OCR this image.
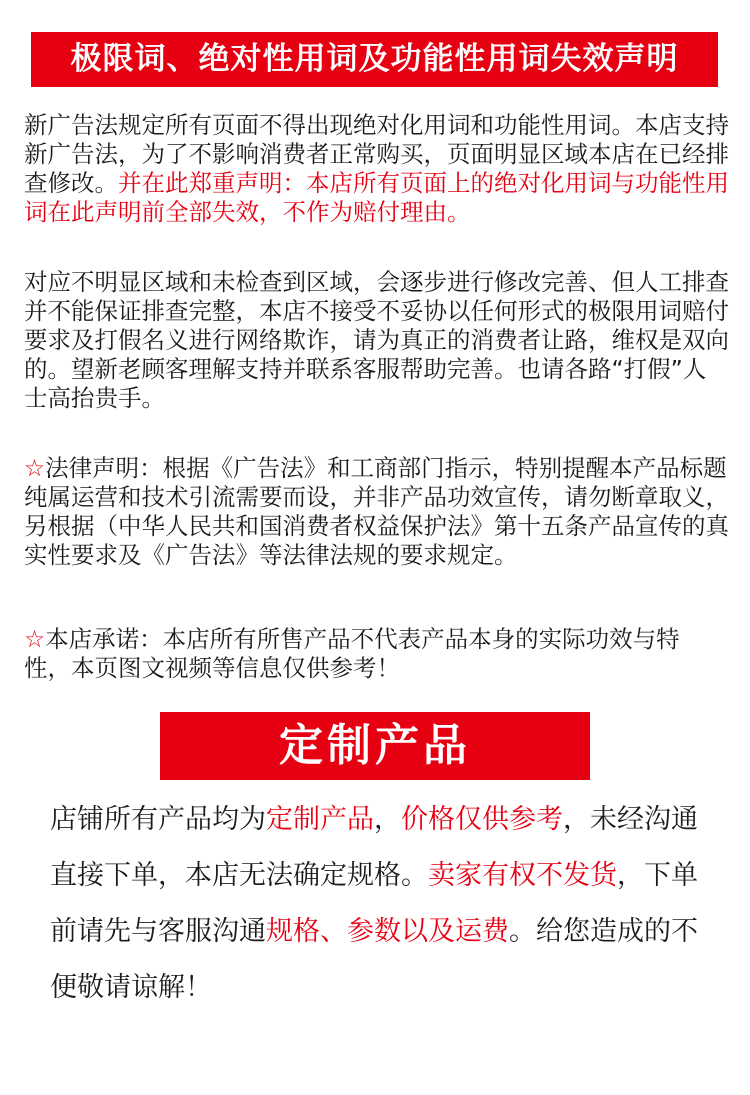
极限词、绝对性用词及功能性用词失效声明

新广告法规定所有页面不得出现绝对化用词和功能性用词。本店支持新广告法，为了不影响消费者正常购买，页面明显区域本店在已经排查修改。并在此郑重声明：本店所有页面上的绝对化用词与功能性用词在此声明前全部失效，不作为赔付理由。

对应不明显区域和未检查到区域，会逐步进行修改完善、但人工排查并不能保证排查完整，本店不接受不妥协以任何形式的极限用词赔付要求及打假名义进行网络欺诈，请为真正的消费者让路，维权是双向的。望新老顾客理解支持并联系客服帮助完善。也请各路“打假”人士高抬贵手。

☆法律声明：根据《广告法》和工商部门指示，特别提醒本产品标题纯属运营和技术引流需要而设，并非产品功效宣传，请勿断章取义，另根据（中华人民共和国消费者权益保护法》第十五条产品宣传的真实性要求及《广告法》等法律法规的要求规定。

☆本店承诺：本店所有所售产品不代表产品本身的实际功效与特
性，本页图文视频等信息仅供参考！

定制产品
店铺所有产品均为定制产品，价格仅供参考，未经沟通直接下单，本店无法确定规格。卖家有权不发货，下单前请先与客服沟通规格、参数以及运费。给您造成的不便敬请谅解！
